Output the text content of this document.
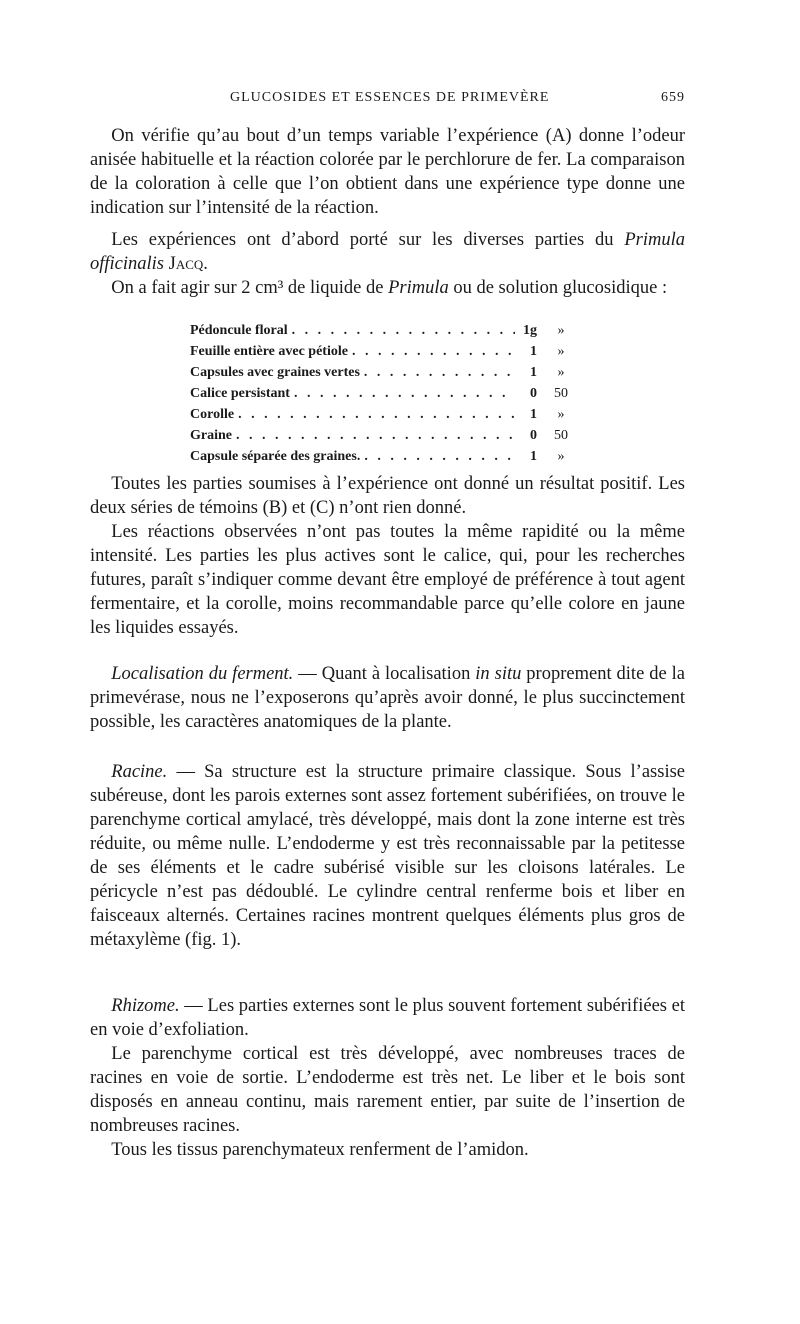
GLUCOSIDES ET ESSENCES DE PRIMEVÈRE	659

On vérifie qu’au bout d’un temps variable l’expérience (A) donne l’odeur anisée habituelle et la réaction colorée par le perchlorure de fer. La comparaison de la coloration à celle que l’on obtient dans une expérience type donne une indication sur l’intensité de la réaction.

Les expériences ont d’abord porté sur les diverses parties du Primula officinalis Jacq.

On a fait agir sur 2 cm³ de liquide de Primula ou de solution glucosidique :

Pédoncule floral . . .	1g	»
Feuille entière avec pétiole . . .	1	»
Capsules avec graines vertes . . .	1	»
Calice persistant . . .	0	50
Corolle . . .	1	»
Graine . . .	0	50
Capsule séparée des graines. . . .	1	»

Toutes les parties soumises à l’expérience ont donné un résultat positif. Les deux séries de témoins (B) et (C) n’ont rien donné.

Les réactions observées n’ont pas toutes la même rapidité ou la même intensité. Les parties les plus actives sont le calice, qui, pour les recherches futures, paraît s’indiquer comme devant être employé de préférence à tout agent fermentaire, et la corolle, moins recommandable parce qu’elle colore en jaune les liquides essayés.

Localisation du ferment. — Quant à localisation in situ proprement dite de la primevérase, nous ne l’exposerons qu’après avoir donné, le plus succinctement possible, les caractères anatomiques de la plante.

Racine. — Sa structure est la structure primaire classique. Sous l’assise subéreuse, dont les parois externes sont assez fortement subérifiées, on trouve le parenchyme cortical amylacé, très développé, mais dont la zone interne est très réduite, ou même nulle. L’endoderme y est très reconnaissable par la petitesse de ses éléments et le cadre subérisé visible sur les cloisons latérales. Le péricycle n’est pas dédoublé. Le cylindre central renferme bois et liber en faisceaux alternés. Certaines racines montrent quelques éléments plus gros de métaxylème (fig. 1).

Rhizome. — Les parties externes sont le plus souvent fortement subérifiées et en voie d’exfoliation.

Le parenchyme cortical est très développé, avec nombreuses traces de racines en voie de sortie. L’endoderme est très net. Le liber et le bois sont disposés en anneau continu, mais rarement entier, par suite de l’insertion de nombreuses racines.

Tous les tissus parenchymateux renferment de l’amidon.
